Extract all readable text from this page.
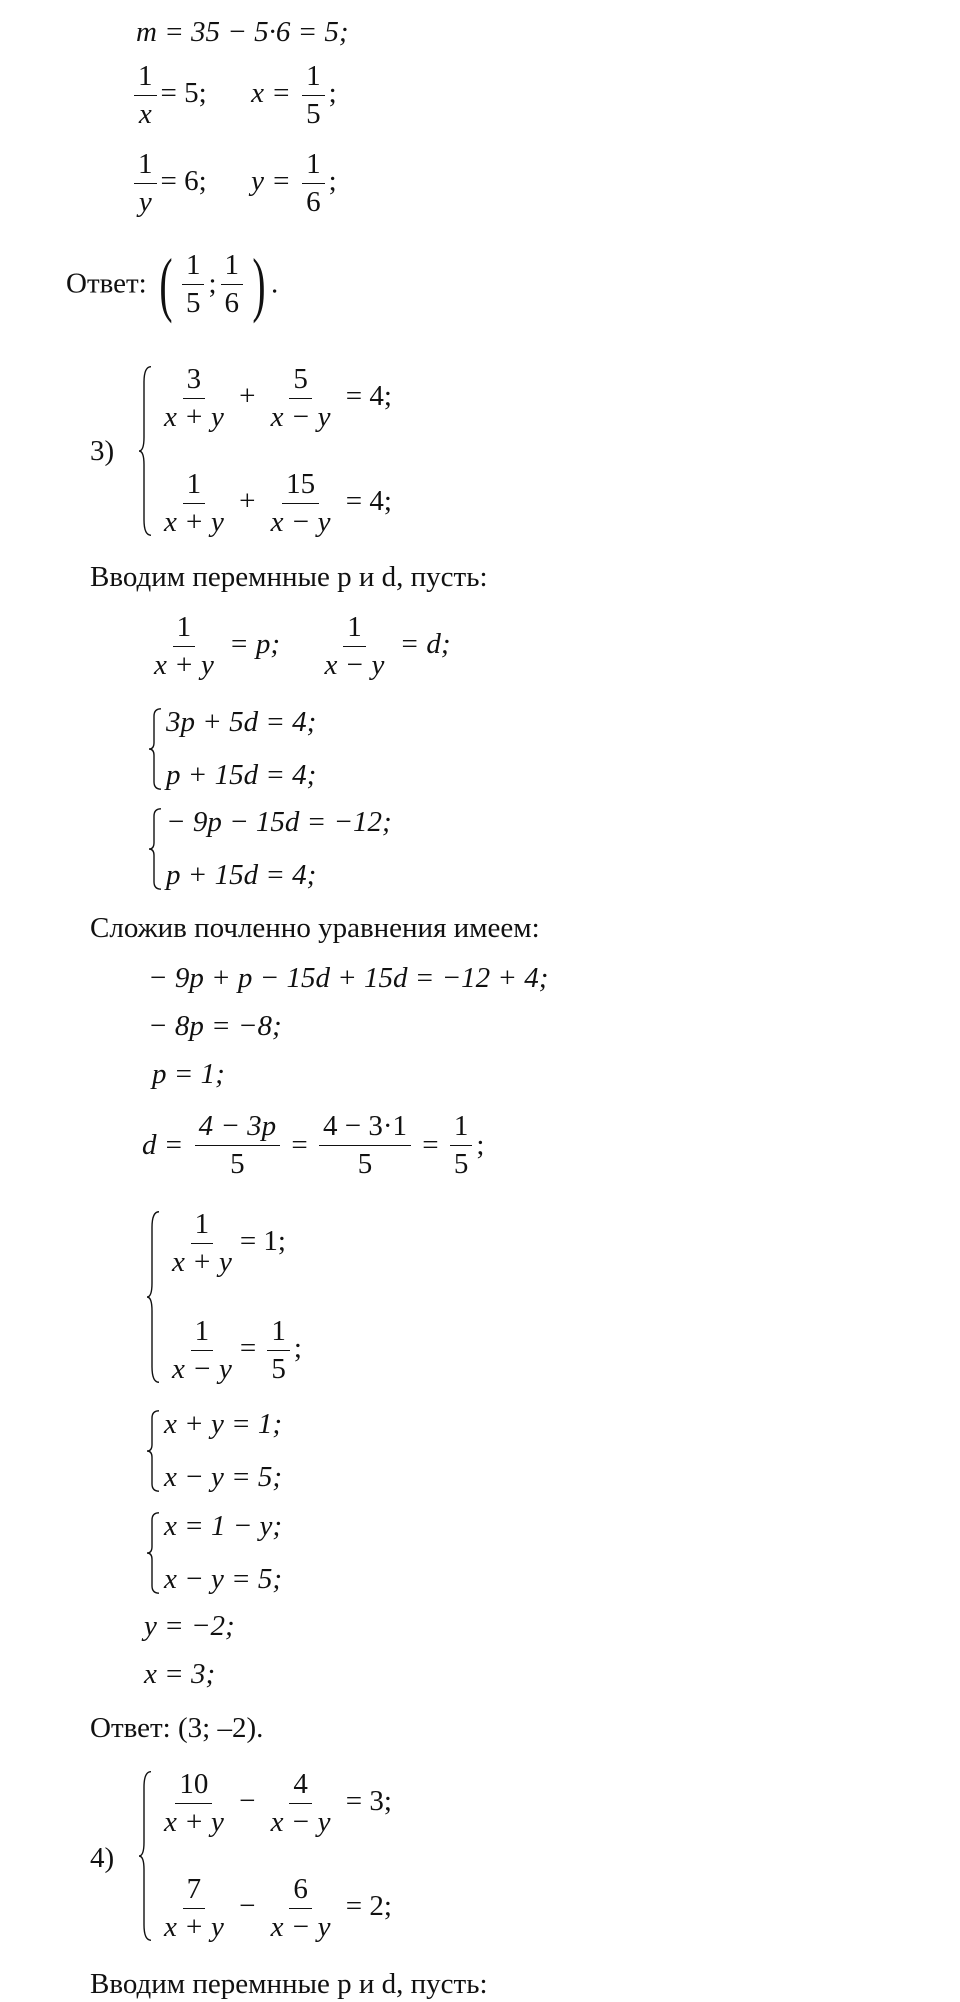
m = 35 − 5·6 = 5;
$\frac{1}{x} = 5$; $x = \frac{1}{5}$ ;
$\frac{1}{y} = 6$; $y = \frac{1}{6}$ ;
Ответ: ( $\frac{1}{5}$ ; $\frac{1}{6}$ ) .
3)
$\frac{3}{x + y} + \frac{5}{x - y} = 4$;
$\frac{1}{x + y} + \frac{15}{x - y} = 4$;
Вводим перемнные p и d, пусть:
$\frac{1}{x + y} = p$; $\frac{1}{x - y} = d$;
3p + 5d = 4;
p + 15d = 4;
− 9p − 15d = −12;
p + 15d = 4;
Сложив почленно уравнения имеем:
− 9p + p − 15d + 15d = −12 + 4;
− 8p = −8;
p = 1;
$d = \frac{4 - 3p}{5} = \frac{4 - 3\cdot 1}{5} = \frac{1}{5}$ ;
$\frac{1}{x + y} = 1$;
$\frac{1}{x - y} = \frac{1}{5}$ ;
x + y = 1;
x − y = 5;
x = 1 − y;
x − y = 5;
y = −2;
x = 3;
Ответ: (3; –2).
4)
$\frac{10}{x + y} - \frac{4}{x - y} = 3$;
$\frac{7}{x + y} - \frac{6}{x - y} = 2$;
Вводим перемнные p и d, пусть:
